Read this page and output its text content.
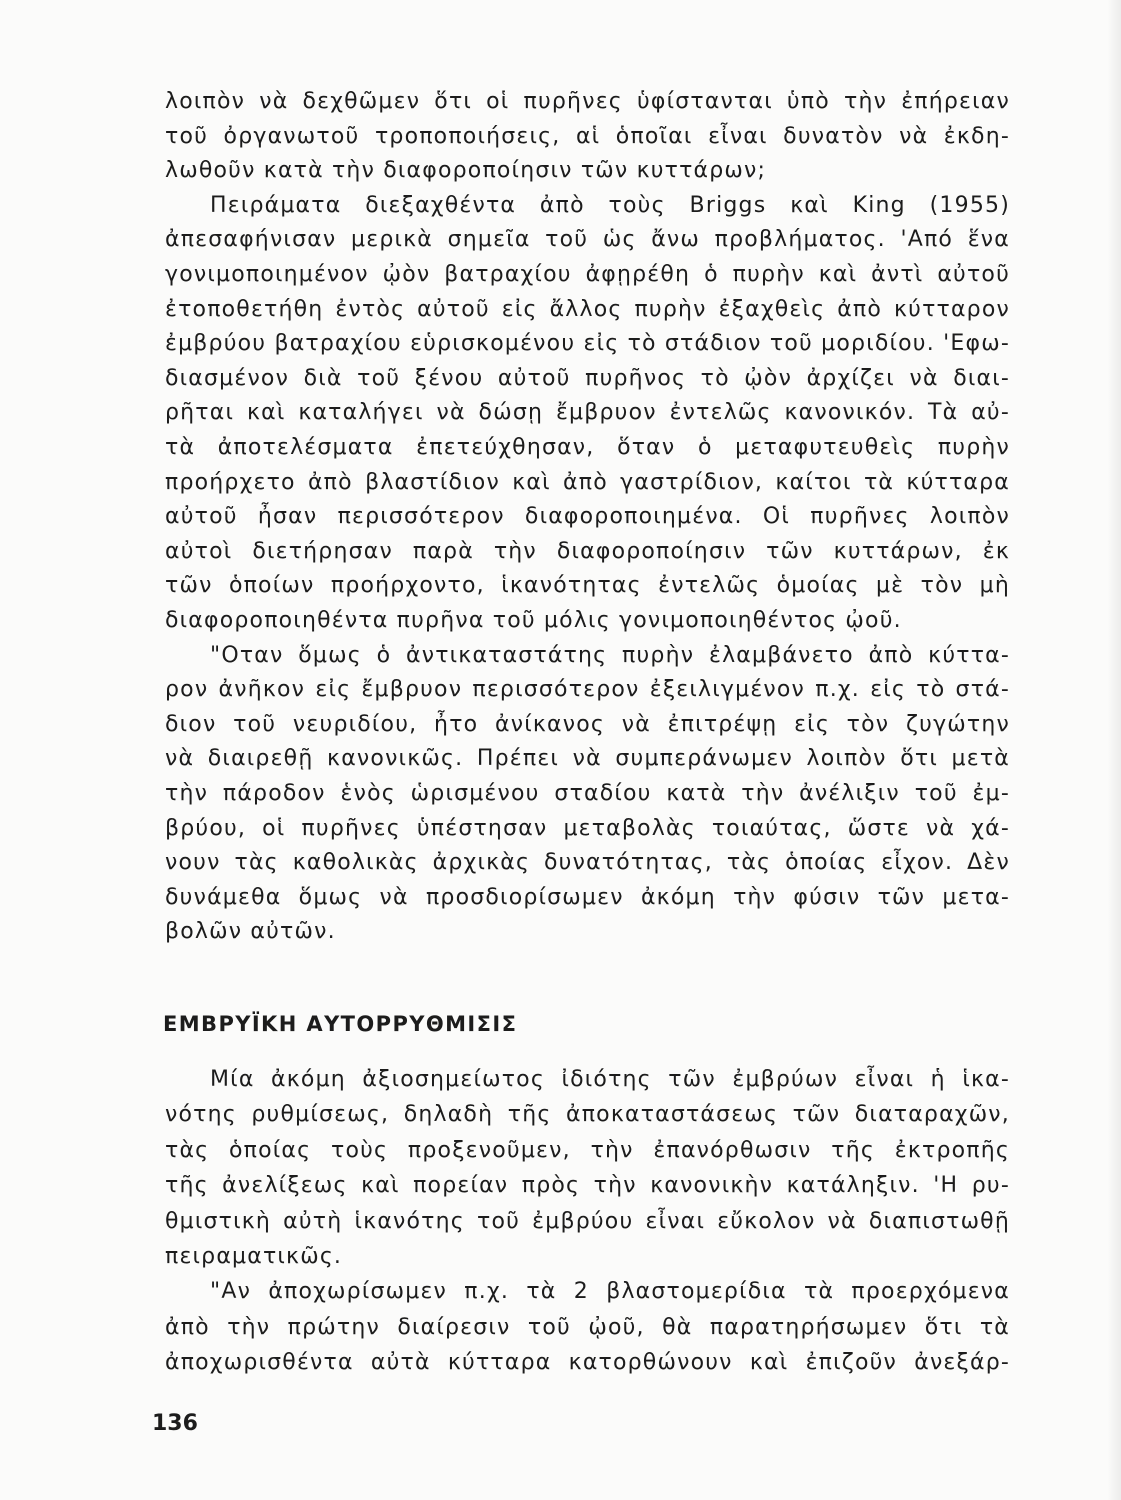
λοιπὸν νὰ δεχθῶμεν ὅτι οἱ πυρῆνες ὑφίστανται ὑπὸ τὴν ἐπήρειαν
τοῦ ὀργανωτοῦ τροποποιήσεις, αἱ ὁποῖαι εἶναι δυνατὸν νὰ ἐκδη-
λωθοῦν κατὰ τὴν διαφοροποίησιν τῶν κυττάρων;
Πειράματα διεξαχθέντα ἀπὸ τοὺς Briggs καὶ King (1955)
ἀπεσαφήνισαν μερικὰ σημεῖα τοῦ ὡς ἄνω προβλήματος. 'Από ἕνα
γονιμοποιημένον ᾠὸν βατραχίου ἀφῃρέθη ὁ πυρὴν καὶ ἀντὶ αὐτοῦ
ἐτοποθετήθη ἐντὸς αὐτοῦ εἰς ἄλλος πυρὴν ἐξαχθεὶς ἀπὸ κύτταρον
ἐμβρύου βατραχίου εὑρισκομένου εἰς τὸ στάδιον τοῦ μοριδίου. 'Εφω-
διασμένον διὰ τοῦ ξένου αὐτοῦ πυρῆνος τὸ ᾠὸν ἀρχίζει νὰ διαι-
ρῆται καὶ καταλήγει νὰ δώσῃ ἔμβρυον ἐντελῶς κανονικόν. Τὰ αὐ-
τὰ ἀποτελέσματα ἐπετεύχθησαν, ὅταν ὁ μεταφυτευθεὶς πυρὴν
προήρχετο ἀπὸ βλαστίδιον καὶ ἀπὸ γαστρίδιον, καίτοι τὰ κύτταρα
αὐτοῦ ἦσαν περισσότερον διαφοροποιημένα. Οἱ πυρῆνες λοιπὸν
αὐτοὶ διετήρησαν παρὰ τὴν διαφοροποίησιν τῶν κυττάρων, ἐκ
τῶν ὁποίων προήρχοντο, ἱκανότητας ἐντελῶς ὁμοίας μὲ τὸν μὴ
διαφοροποιηθέντα πυρῆνα τοῦ μόλις γονιμοποιηθέντος ᾠοῦ.
"Οταν ὅμως ὁ ἀντικαταστάτης πυρὴν ἐλαμβάνετο ἀπὸ κύττα-
ρον ἀνῆκον εἰς ἔμβρυον περισσότερον ἐξειλιγμένον π.χ. εἰς τὸ στά-
διον τοῦ νευριδίου, ἦτο ἀνίκανος νὰ ἐπιτρέψῃ εἰς τὸν ζυγώτην
νὰ διαιρεθῇ κανονικῶς. Πρέπει νὰ συμπεράνωμεν λοιπὸν ὅτι μετὰ
τὴν πάροδον ἑνὸς ὡρισμένου σταδίου κατὰ τὴν ἀνέλιξιν τοῦ ἐμ-
βρύου, οἱ πυρῆνες ὑπέστησαν μεταβολὰς τοιαύτας, ὥστε νὰ χά-
ΕΜΒΡΥΪΚΗ ΑΥΤΟΡΡΥΘΜΙΣΙΣ
Μία ἀκόμη ἀξιοσημείωτος ἰδιότης τῶν ἐμβρύων εἶναι ἡ ἱκα-
νότης ρυθμίσεως, δηλαδὴ τῆς ἀποκαταστάσεως τῶν διαταραχῶν,
τὰς ὁποίας τοὺς προξενοῦμεν, τὴν ἐπανόρθωσιν τῆς ἐκτροπῆς
τῆς ἀνελίξεως καὶ πορείαν πρὸς τὴν κανονικὴν κατάληξιν. 'Η ρυ-
θμιστικὴ αὐτὴ ἱκανότης τοῦ ἐμβρύου εἶναι εὔκολον νὰ διαπιστωθῇ
πειραματικῶς.
"Αν ἀποχωρίσωμεν π.χ. τὰ 2 βλαστομερίδια τὰ προερχόμενα
ἀπὸ τὴν πρώτην διαίρεσιν τοῦ ᾠοῦ, θὰ παρατηρήσωμεν ὅτι τὰ
136
νουν τὰς καθολικὰς ἀρχικὰς δυνατότητας, τὰς ὁποίας εἶχον. Δὲν
δυνάμεθα ὅμως νὰ προσδιορίσωμεν ἀκόμη τὴν φύσιν τῶν μετα-
βολῶν αὐτῶν.
ἀποχωρισθέντα αὐτὰ κύτταρα κατορθώνουν καὶ ἐπιζοῦν ἀνεξάρ-
